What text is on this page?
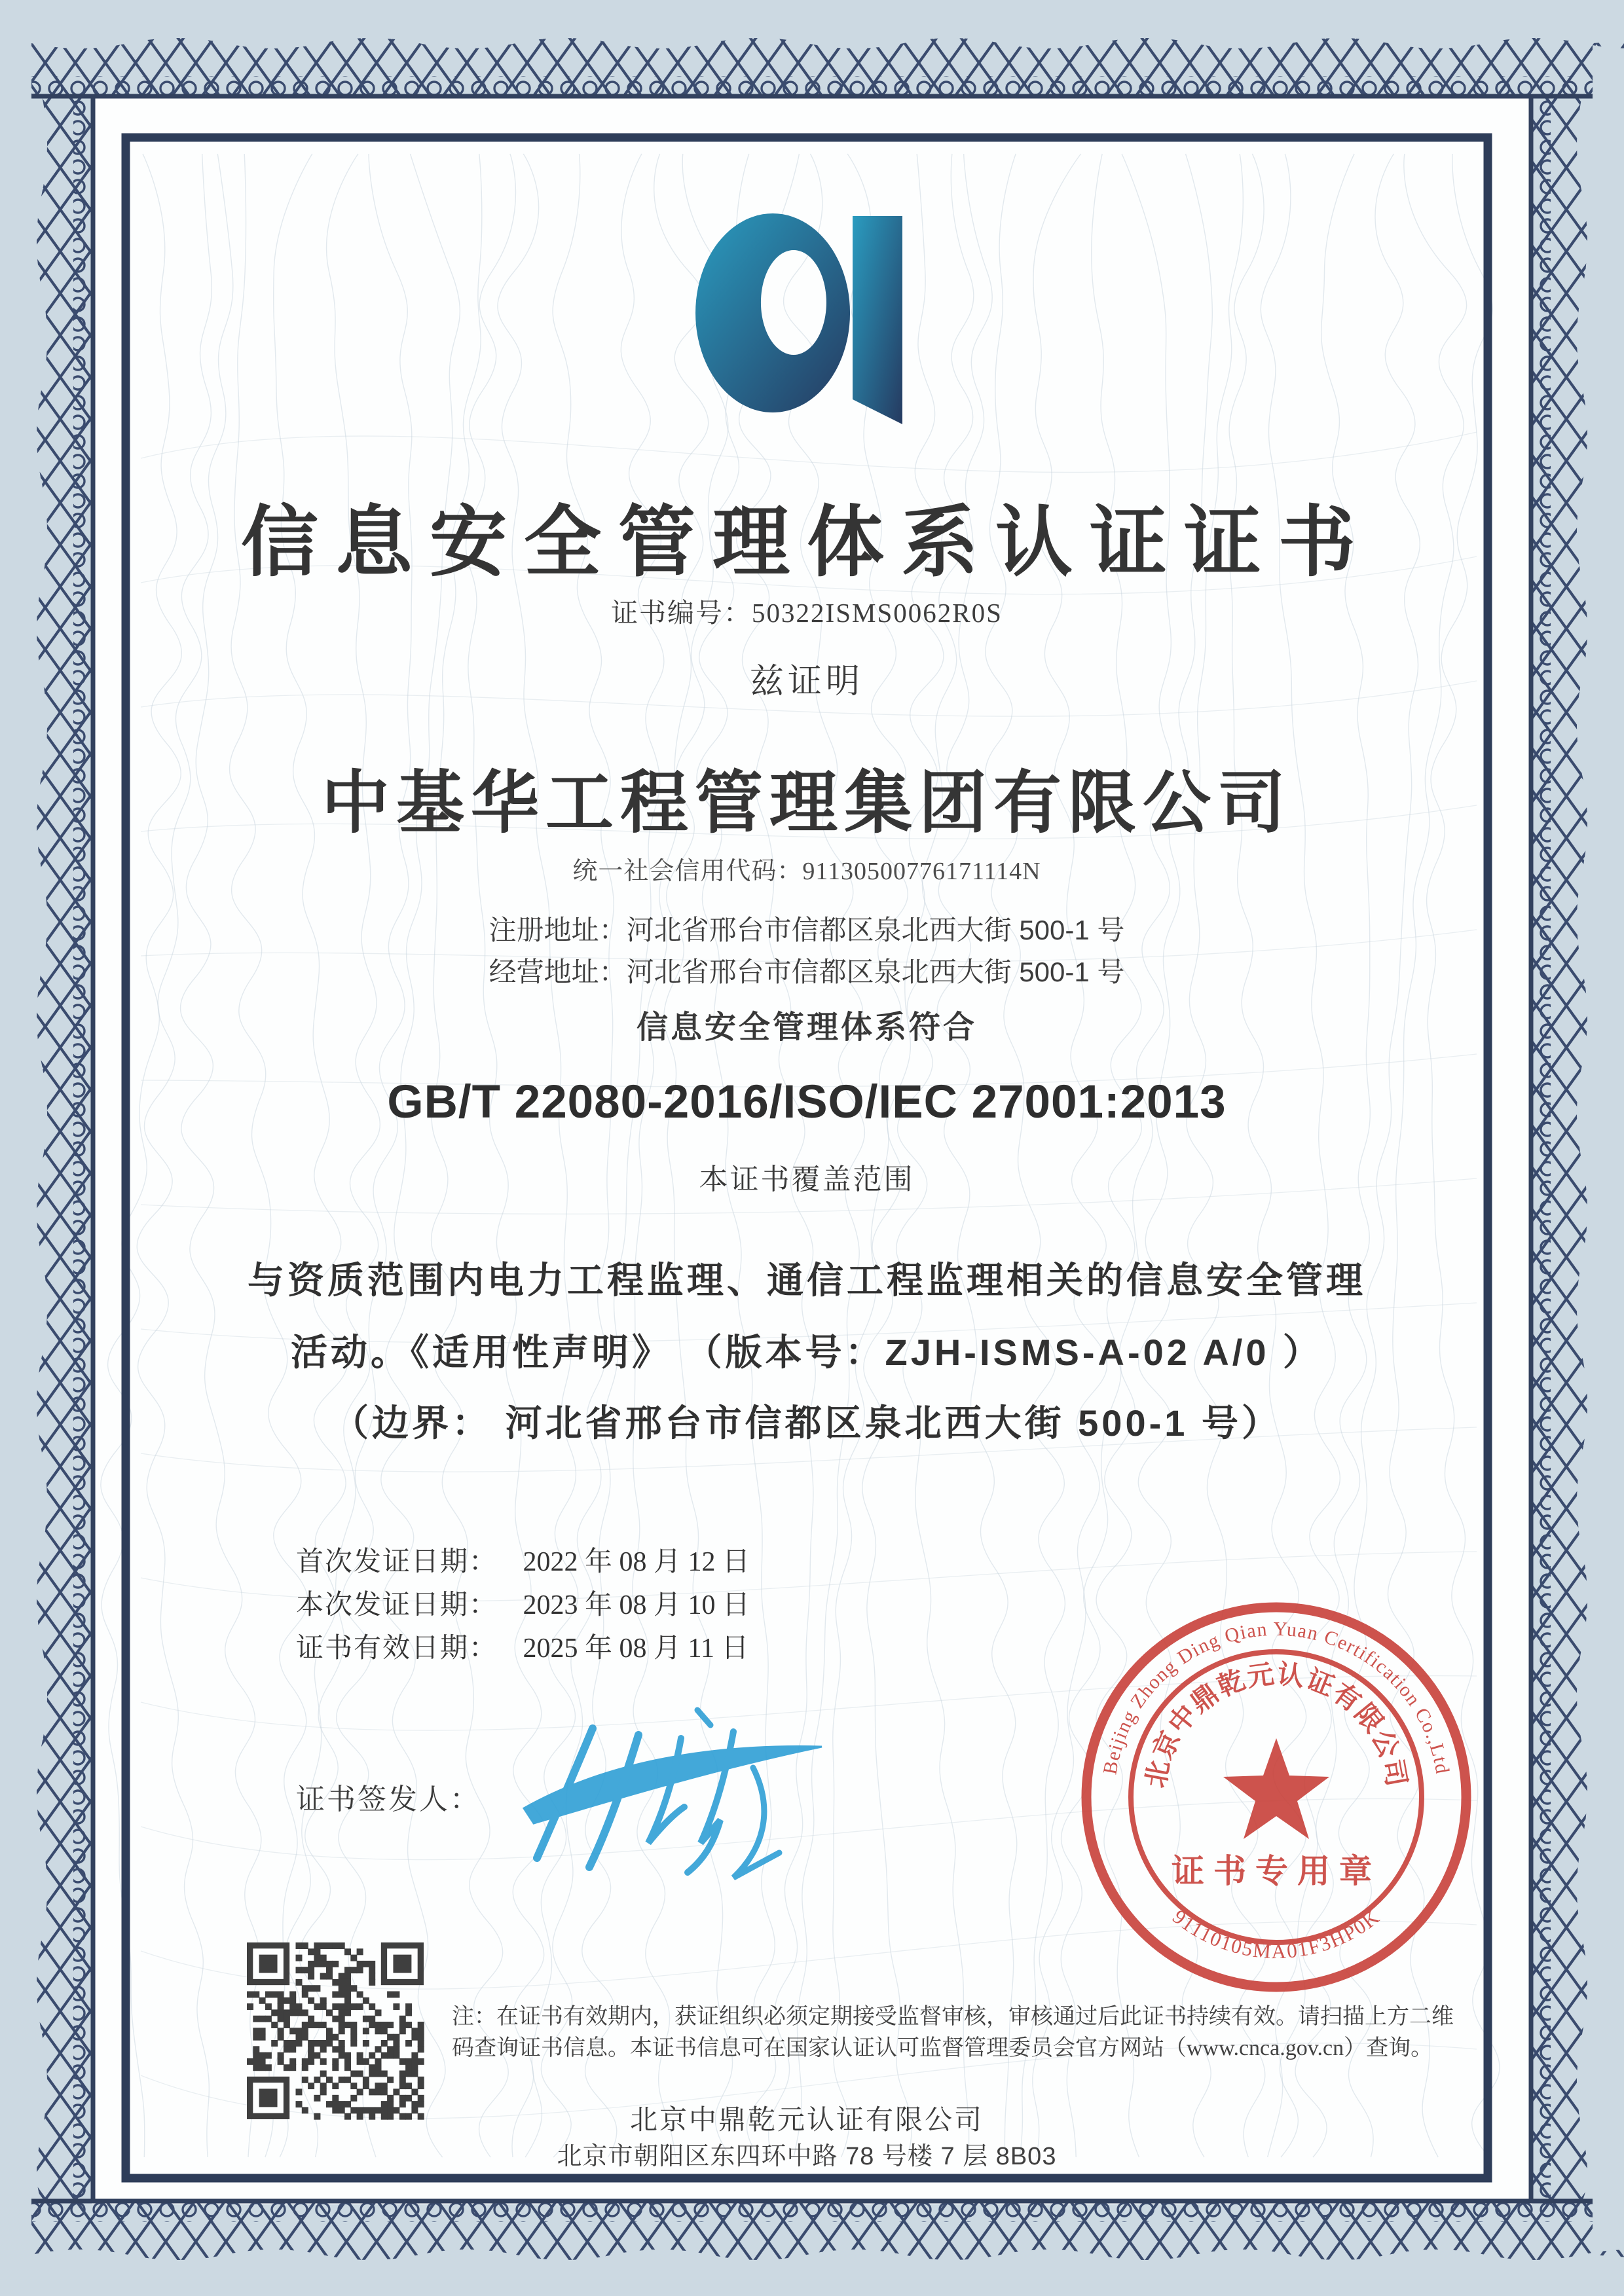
Beijing Zhong Ding Qian Yuan Certification Co.,Ltd
北京中鼎乾元认证有限公司
91110105MA01F3HP0K
证书专用章
信息安全管理体系认证证书
证书编号：50322ISMS0062R0S
兹证明
中基华工程管理集团有限公司
统一社会信用代码：91130500776171114N
注册地址：河北省邢台市信都区泉北西大街 500-1 号
经营地址：河北省邢台市信都区泉北西大街 500-1 号
信息安全管理体系符合
GB/T 22080-2016/ISO/IEC 27001:2013
本证书覆盖范围
与资质范围内电力工程监理、通信工程监理相关的信息安全管理
活动。《适用性声明》 （版本号：ZJH-ISMS-A-02 A/0 ）
（边界： 河北省邢台市信都区泉北西大街 500-1 号）
首次发证日期： 2022 年 08 月 12 日
本次发证日期： 2023 年 08 月 10 日
证书有效日期： 2025 年 08 月 11 日
证书签发人：
注：在证书有效期内，获证组织必须定期接受监督审核，审核通过后此证书持续有效。请扫描上方二维
码查询证书信息。本证书信息可在国家认证认可监督管理委员会官方网站（www.cnca.gov.cn）查询。
北京中鼎乾元认证有限公司
北京市朝阳区东四环中路 78 号楼 7 层 8B03
